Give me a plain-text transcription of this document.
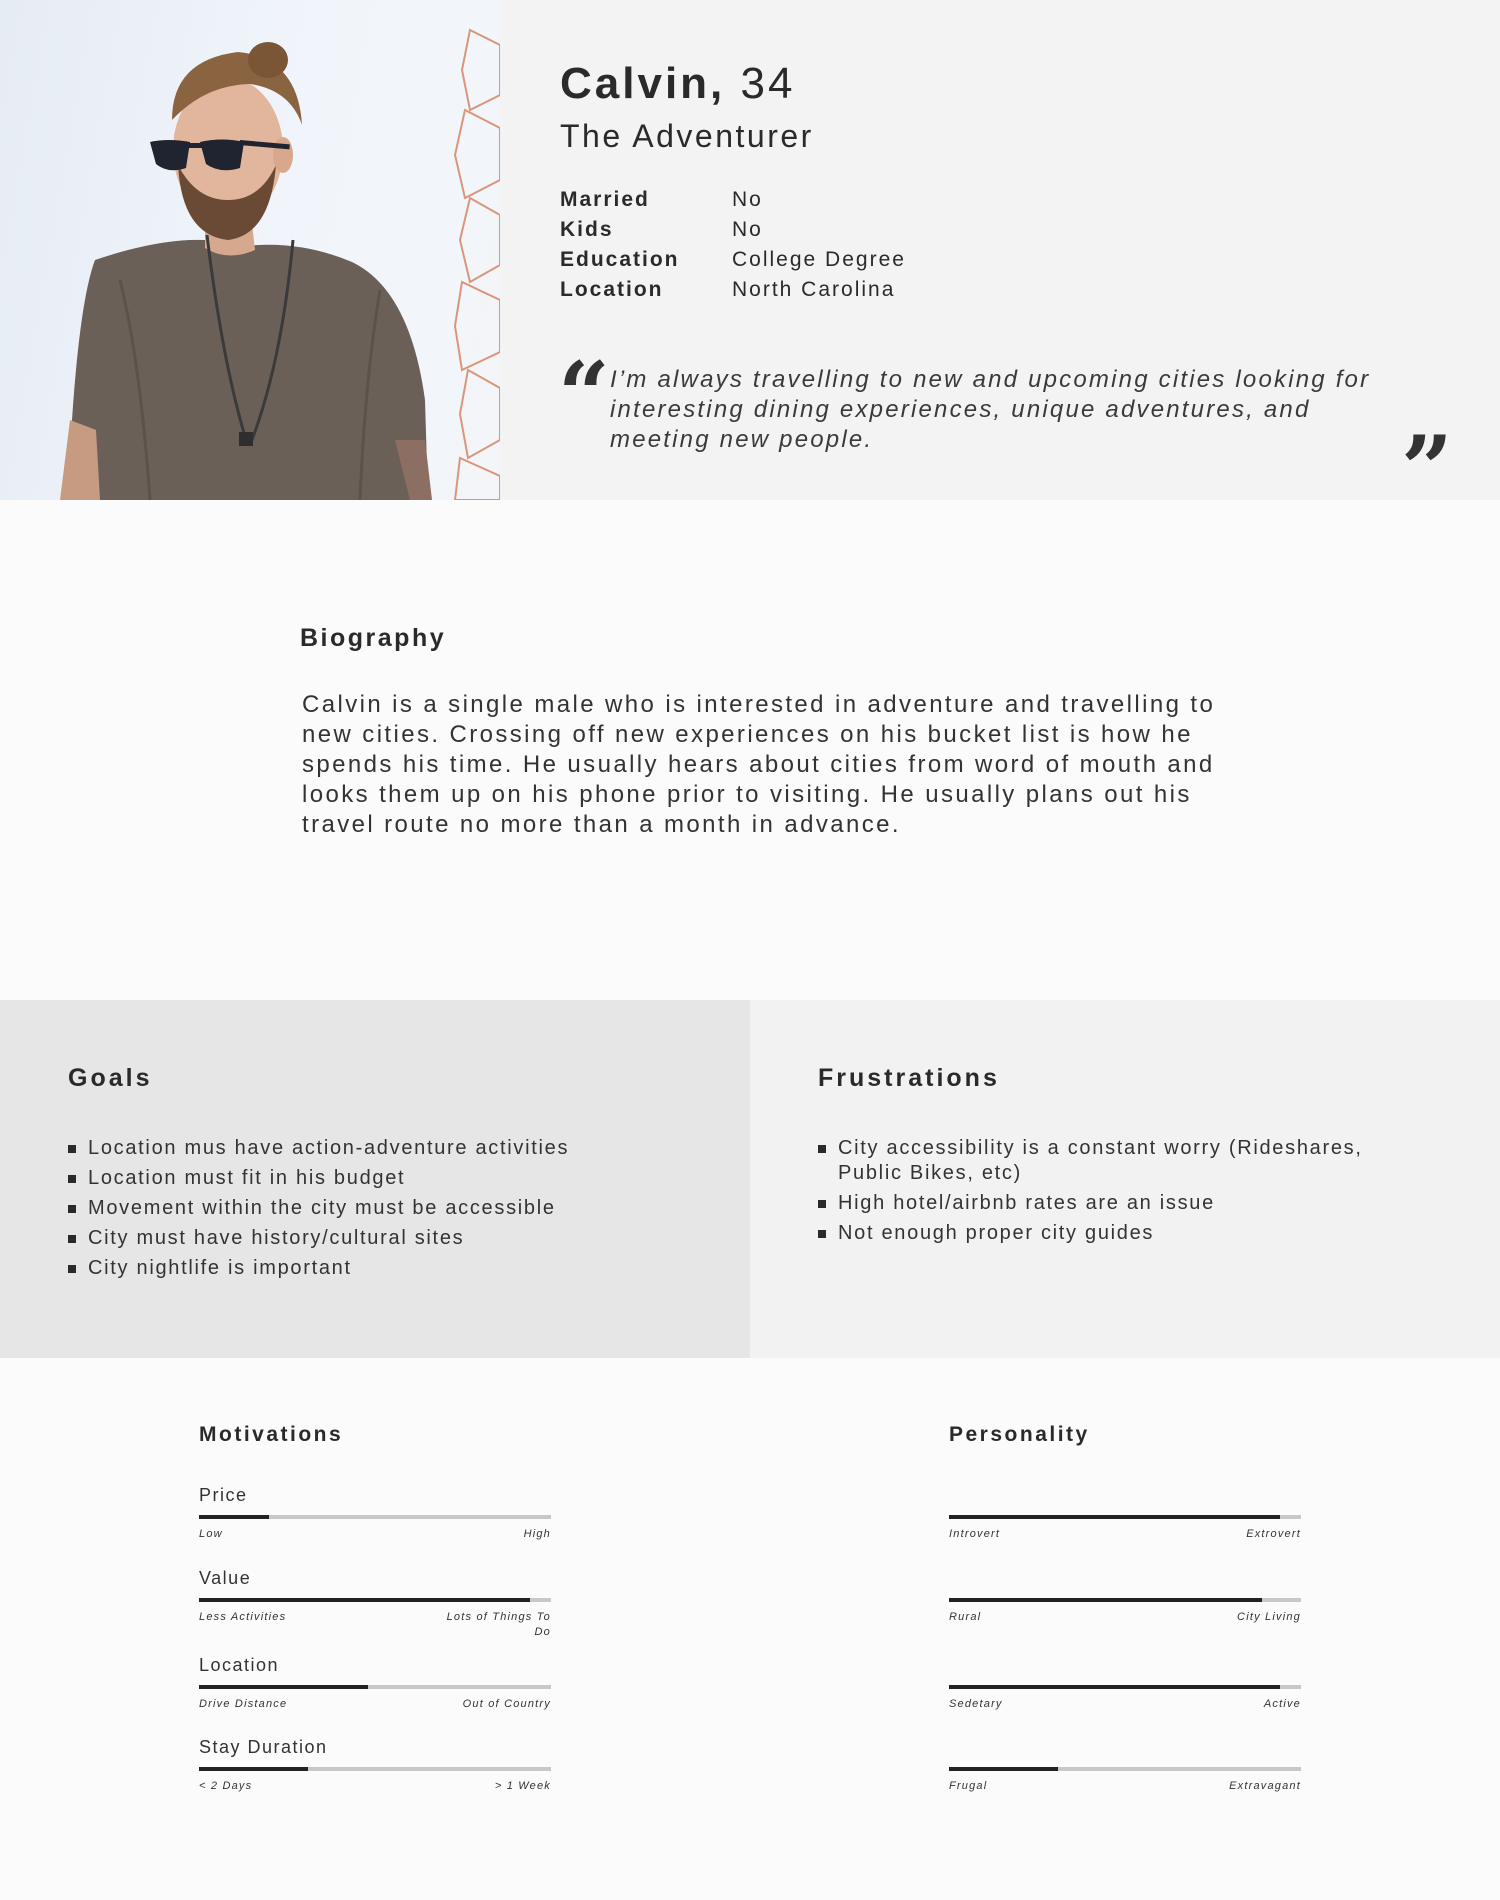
Calvin, 34
The Adventurer
Married	No
Kids	No
Education College Degree
Location	North Carolina
“ I’m always travelling to new and upcoming cities looking for interesting dining experiences, unique adventures, and meeting new people.	”
Biography
Calvin is a single male who is interested in adventure and travelling to new cities. Crossing off new experiences on his bucket list is how he spends his time. He usually hears about cities from word of mouth and looks them up on his phone prior to visiting. He usually plans out his travel route no more than a month in advance.
Goals
Location mus have action-adventure activities
Location must fit in his budget
Movement within the city must be accessible
City must have history/cultural sites
City nightlife is important
Frustrations
City accessibility is a constant worry (Rideshares, Public Bikes, etc)
High hotel/airbnb rates are an issue
Not enough proper city guides
Motivations
Price
Low	High
Value
Less Activities	Lots of Things To Do
Location
Drive Distance	Out of Country
Stay Duration
< 2 Days	> 1 Week
Personality
Introvert	Extrovert
Rural	City Living
Sedetary	Active
Frugal	Extravagant
